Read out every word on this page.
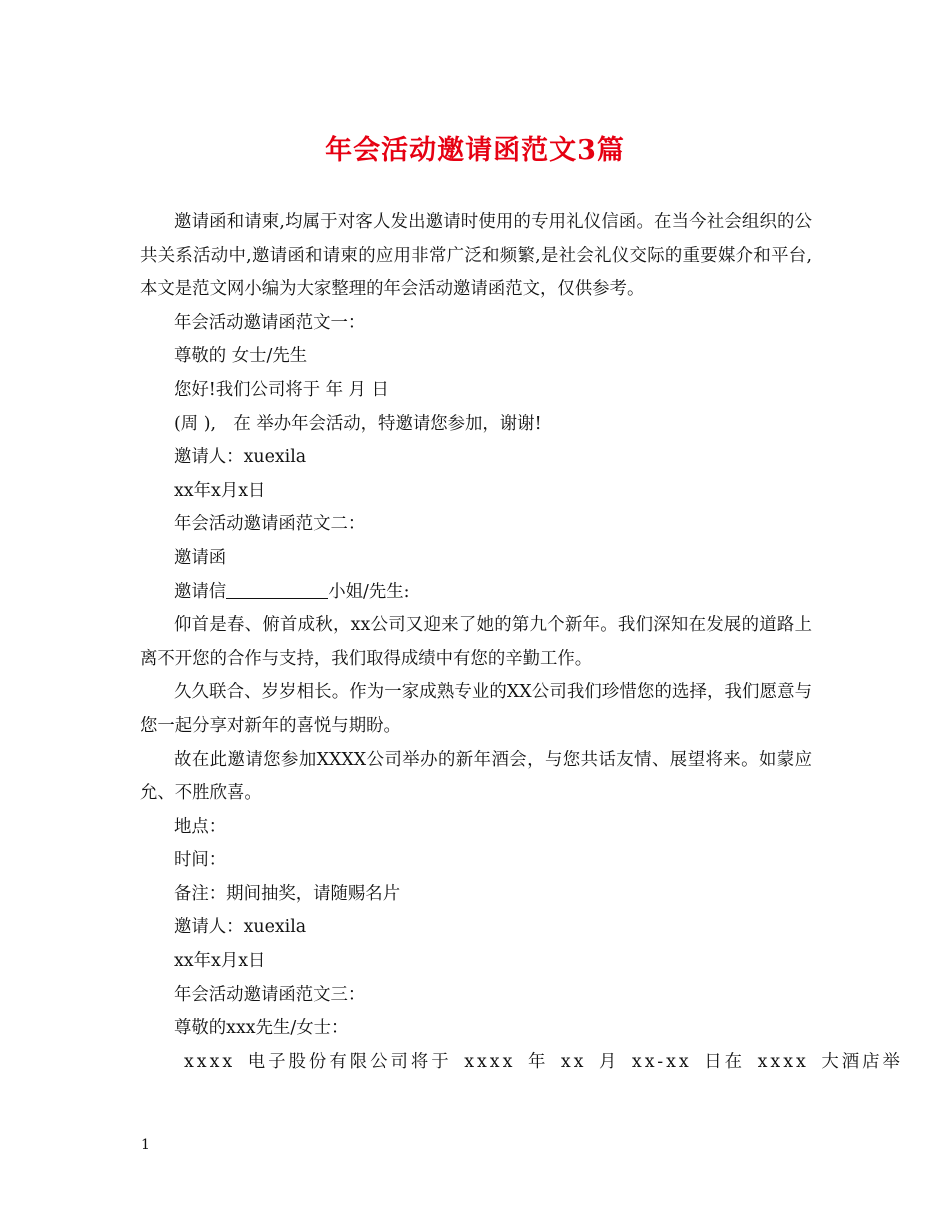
年会活动邀请函范文3篇

邀请函和请柬,均属于对客人发出邀请时使用的专用礼仪信函。在当今社会组织的公共关系活动中,邀请函和请柬的应用非常广泛和频繁,是社会礼仪交际的重要媒介和平台,本文是范文网小编为大家整理的年会活动邀请函范文，仅供参考。

年会活动邀请函范文一：

尊敬的 女士/先生

您好!我们公司将于 年 月 日

(周 ),　在 举办年会活动，特邀请您参加，谢谢!

邀请人：xuexila

xx年x月x日

年会活动邀请函范文二：

邀请函

邀请信	小姐/先生:

仰首是春、俯首成秋，xx公司又迎来了她的第九个新年。我们深知在发展的道路上离不开您的合作与支持，我们取得成绩中有您的辛勤工作。

久久联合、岁岁相长。作为一家成熟专业的XX公司我们珍惜您的选择，我们愿意与您一起分享对新年的喜悦与期盼。

故在此邀请您参加XXXX公司举办的新年酒会，与您共话友情、展望将来。如蒙应允、不胜欣喜。

地点：

时间：

备注：期间抽奖，请随赐名片

邀请人：xuexila

xx年x月x日

年会活动邀请函范文三：

尊敬的xxx先生/女士：

xxxx 电子股份有限公司将于 xxxx 年 xx 月 xx-xx 日在 xxxx 大酒店举

1
